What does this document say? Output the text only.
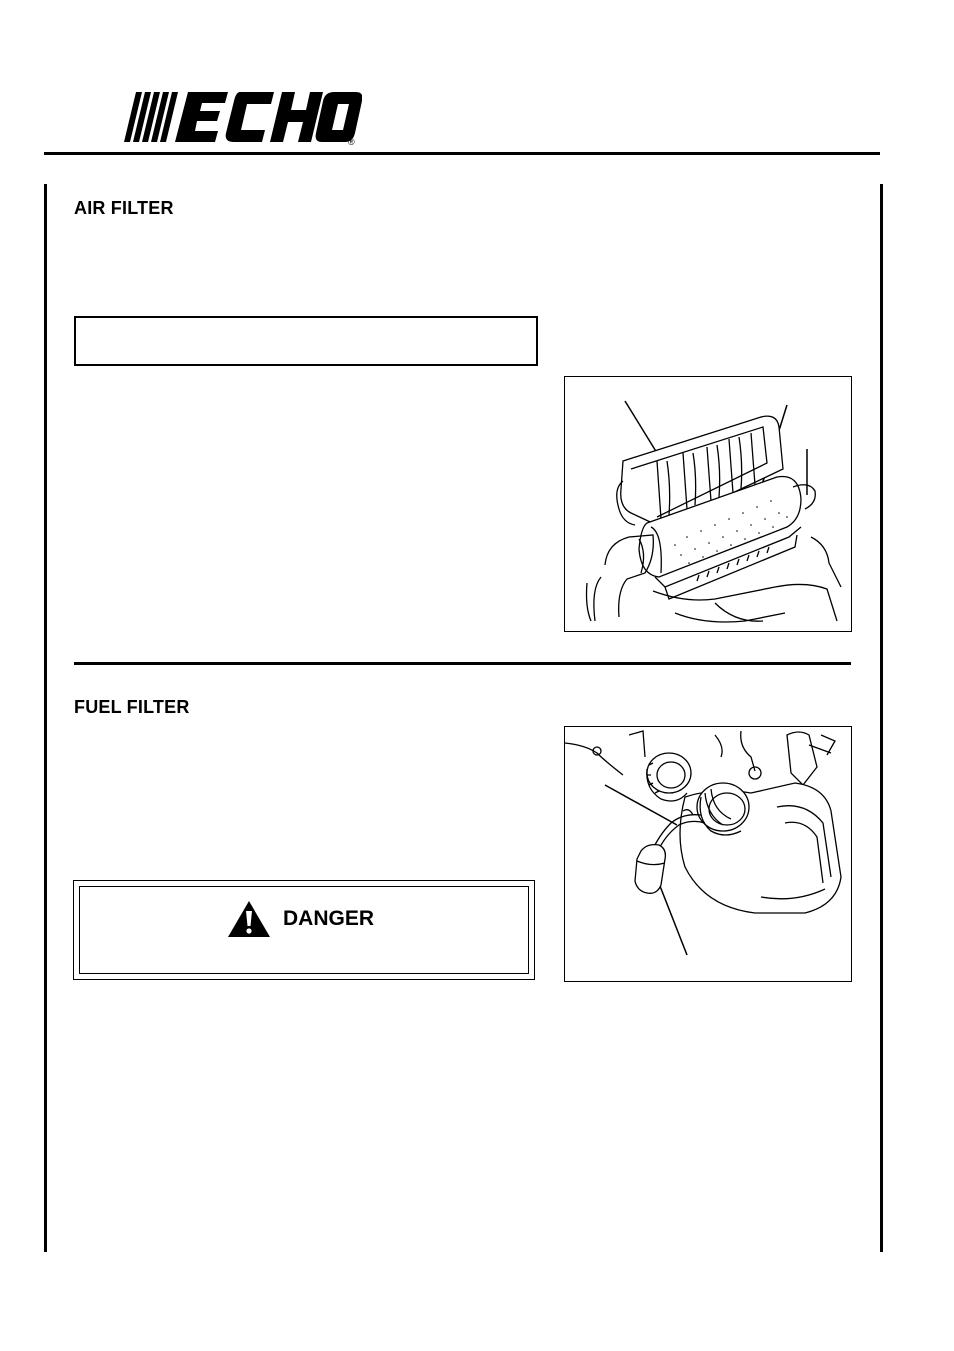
®
AIR FILTER
FUEL FILTER
DANGER
